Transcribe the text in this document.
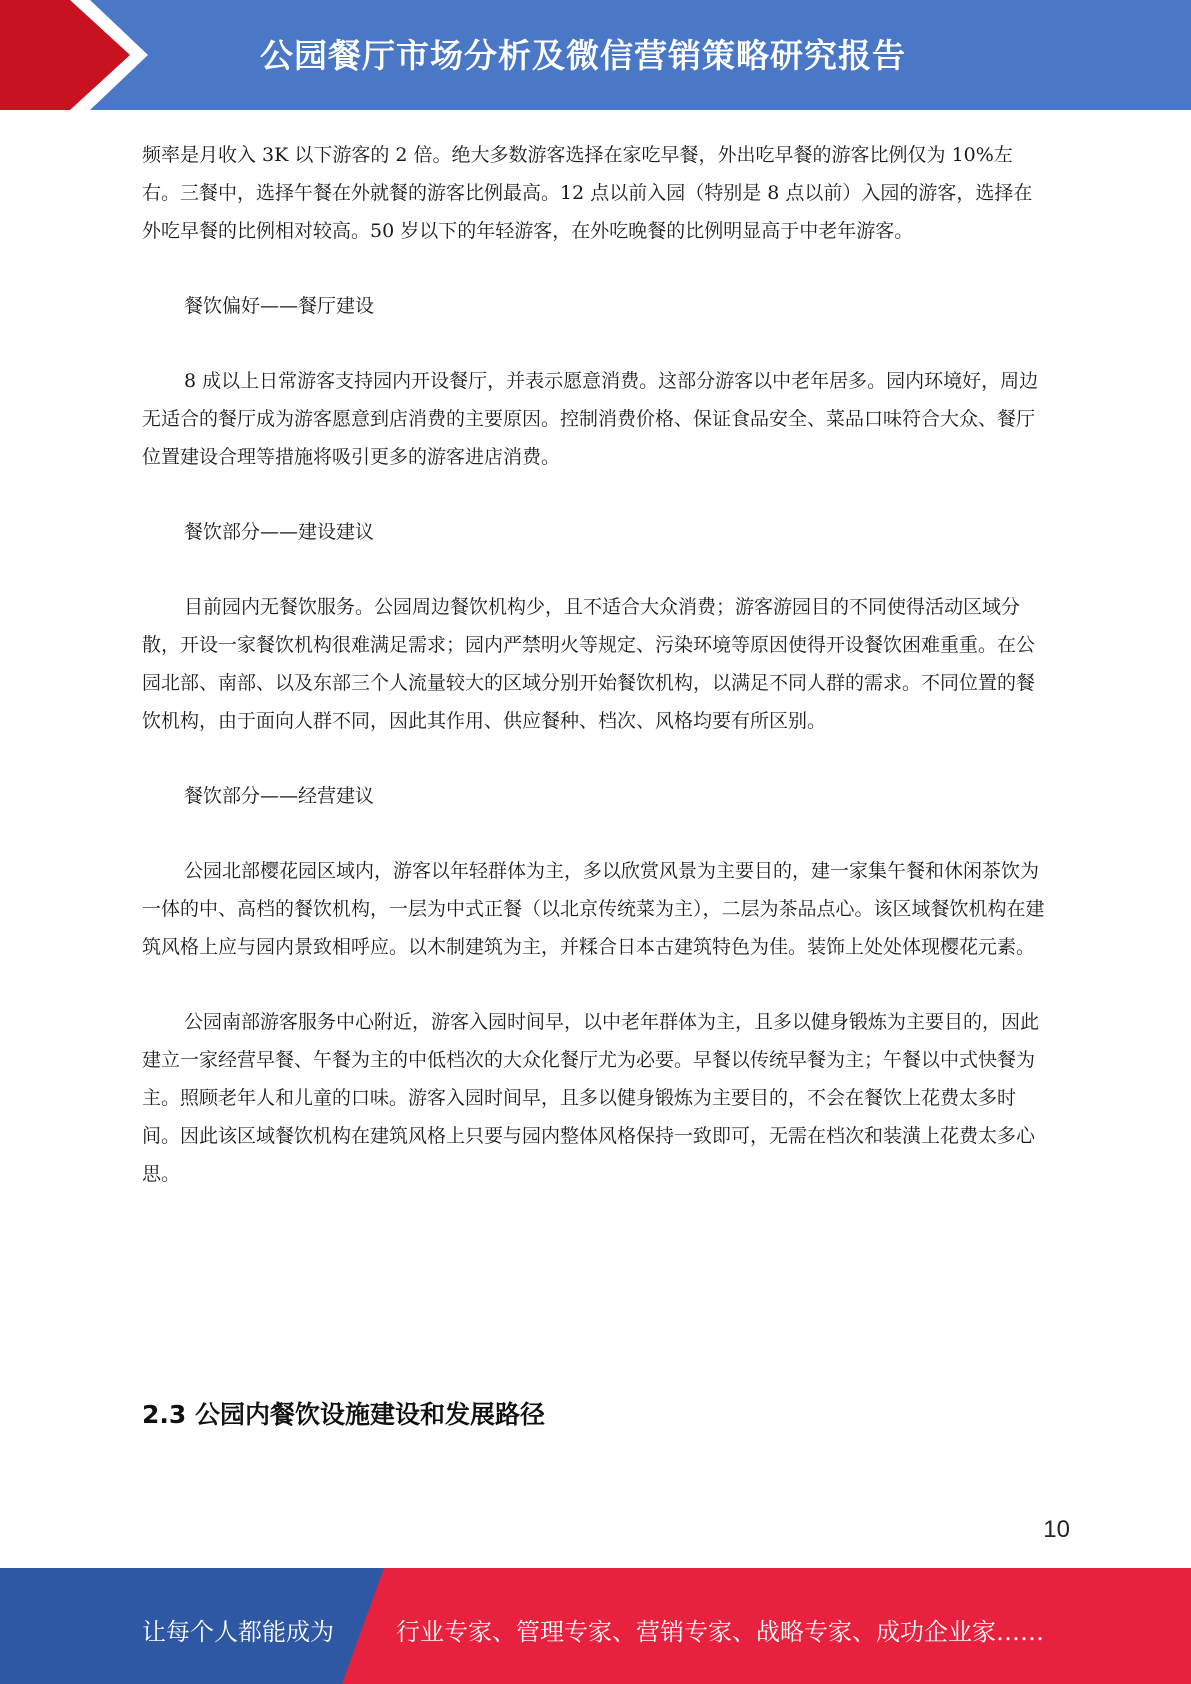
公园餐厅市场分析及微信营销策略研究报告

频率是月收入 3K 以下游客的 2 倍。绝大多数游客选择在家吃早餐，外出吃早餐的游客比例仅为 10%左右。三餐中，选择午餐在外就餐的游客比例最高。12 点以前入园（特别是 8 点以前）入园的游客，选择在外吃早餐的比例相对较高。50 岁以下的年轻游客，在外吃晚餐的比例明显高于中老年游客。

餐饮偏好——餐厅建设

8 成以上日常游客支持园内开设餐厅，并表示愿意消费。这部分游客以中老年居多。园内环境好，周边无适合的餐厅成为游客愿意到店消费的主要原因。控制消费价格、保证食品安全、菜品口味符合大众、餐厅位置建设合理等措施将吸引更多的游客进店消费。

餐饮部分——建设建议

目前园内无餐饮服务。公园周边餐饮机构少，且不适合大众消费；游客游园目的不同使得活动区域分散，开设一家餐饮机构很难满足需求；园内严禁明火等规定、污染环境等原因使得开设餐饮困难重重。在公园北部、南部、以及东部三个人流量较大的区域分别开始餐饮机构，以满足不同人群的需求。不同位置的餐饮机构，由于面向人群不同，因此其作用、供应餐种、档次、风格均要有所区别。

餐饮部分——经营建议

公园北部樱花园区域内，游客以年轻群体为主，多以欣赏风景为主要目的，建一家集午餐和休闲茶饮为一体的中、高档的餐饮机构，一层为中式正餐（以北京传统菜为主），二层为茶品点心。该区域餐饮机构在建筑风格上应与园内景致相呼应。以木制建筑为主，并糅合日本古建筑特色为佳。装饰上处处体现樱花元素。

公园南部游客服务中心附近，游客入园时间早，以中老年群体为主，且多以健身锻炼为主要目的，因此建立一家经营早餐、午餐为主的中低档次的大众化餐厅尤为必要。早餐以传统早餐为主；午餐以中式快餐为主。照顾老年人和儿童的口味。游客入园时间早，且多以健身锻炼为主要目的，不会在餐饮上花费太多时间。因此该区域餐饮机构在建筑风格上只要与园内整体风格保持一致即可，无需在档次和装潢上花费太多心思。

2.3 公园内餐饮设施建设和发展路径
10
让每个人都能成为	行业专家、管理专家、营销专家、战略专家、成功企业家……
